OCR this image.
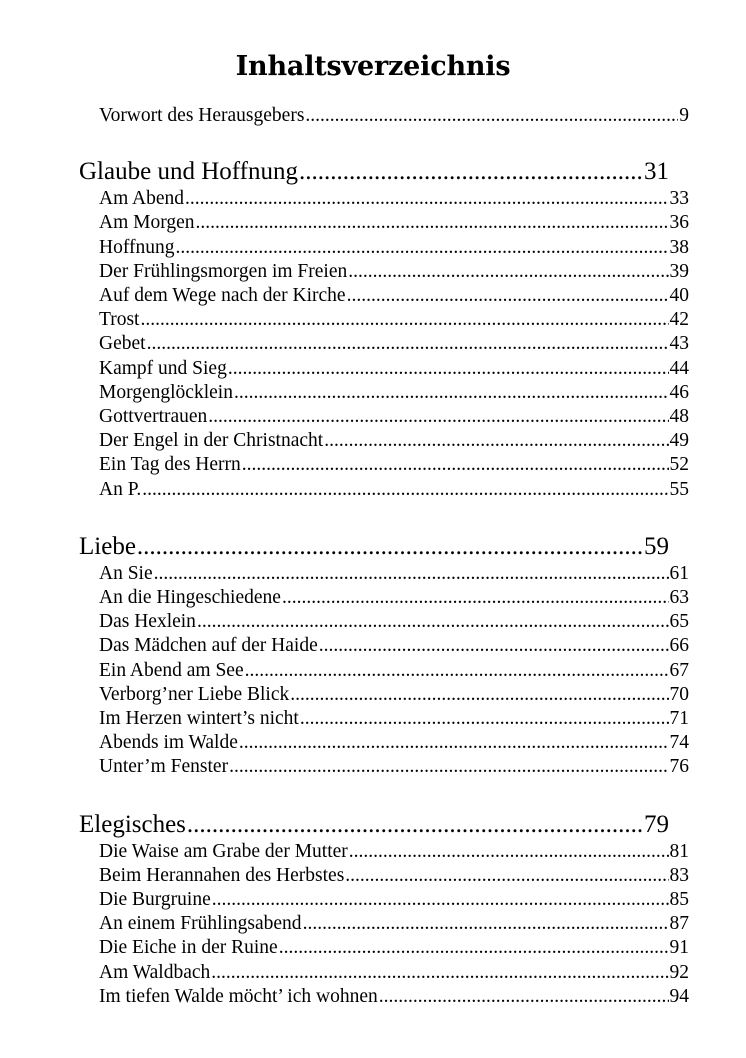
Inhaltsverzeichnis
Vorwort des Herausgebers .....	9
Glaube und Hoffnung .....	31
Am Abend .....	33
Am Morgen .....	36
Hoffnung .....	38
Der Frühlingsmorgen im Freien .....	39
Auf dem Wege nach der Kirche .....	40
Trost .....	42
Gebet .....	43
Kampf und Sieg .....	44
Morgenglöcklein .....	46
Gottvertrauen .....	48
Der Engel in der Christnacht .....	49
Ein Tag des Herrn .....	52
An P. .....	55
Liebe .....	59
An Sie .....	61
An die Hingeschiedene .....	63
Das Hexlein .....	65
Das Mädchen auf der Haide .....	66
Ein Abend am See .....	67
Verborg’ner Liebe Blick .....	70
Im Herzen wintert’s nicht .....	71
Abends im Walde .....	74
Unter’m Fenster .....	76
Elegisches .....	79
Die Waise am Grabe der Mutter .....	81
Beim Herannahen des Herbstes .....	83
Die Burgruine .....	85
An einem Frühlingsabend .....	87
Die Eiche in der Ruine .....	91
Am Waldbach .....	92
Im tiefen Walde möcht’ ich wohnen .....	94
